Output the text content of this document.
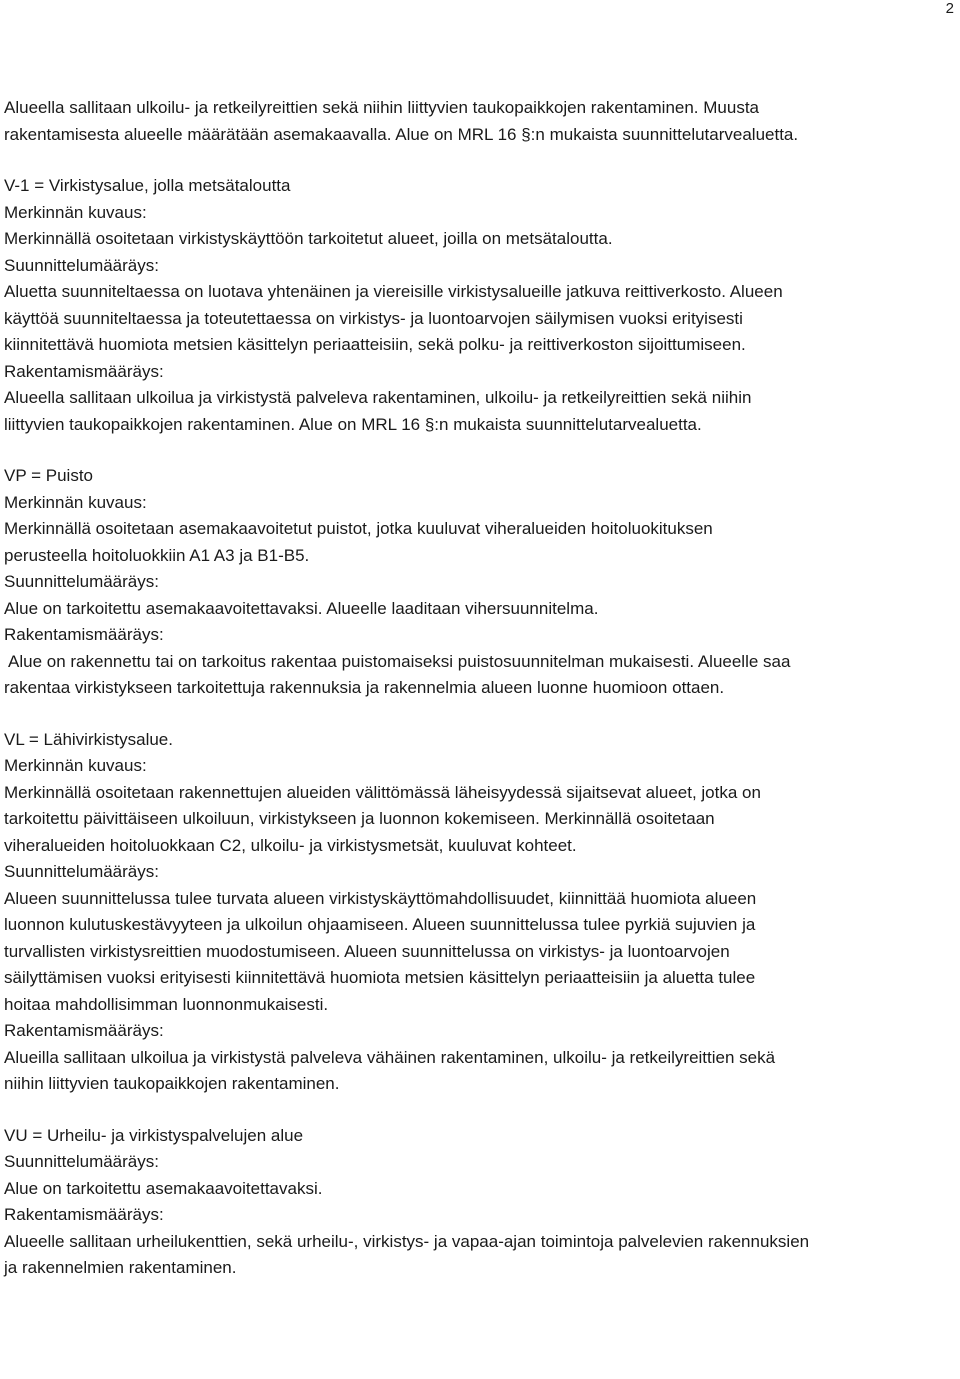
2

Alueella sallitaan ulkoilu- ja retkeilyreittien sekä niihin liittyvien taukopaikkojen rakentaminen. Muusta

rakentamisesta alueelle määrätään asemakaavalla. Alue on MRL 16 §:n mukaista suunnittelutarvealuetta.

V-1 = Virkistysalue, jolla metsätaloutta

Merkinnän kuvaus:

Merkinnällä osoitetaan virkistyskäyttöön tarkoitetut alueet, joilla on metsätaloutta.

Suunnittelumääräys:

Aluetta suunniteltaessa on luotava yhtenäinen ja viereisille virkistysalueille jatkuva reittiverkosto. Alueen

käyttöä suunniteltaessa ja toteutettaessa on virkistys- ja luontoarvojen säilymisen vuoksi erityisesti

kiinnitettävä huomiota metsien käsittelyn periaatteisiin, sekä polku- ja reittiverkoston sijoittumiseen.

Rakentamismääräys:

Alueella sallitaan ulkoilua ja virkistystä palveleva rakentaminen, ulkoilu- ja retkeilyreittien sekä niihin

liittyvien taukopaikkojen rakentaminen. Alue on MRL 16 §:n mukaista suunnittelutarvealuetta.

VP = Puisto

Merkinnän kuvaus:

Merkinnällä osoitetaan asemakaavoitetut puistot, jotka kuuluvat viheralueiden hoitoluokituksen

perusteella hoitoluokkiin A1 A3 ja B1-B5.

Suunnittelumääräys:

Alue on tarkoitettu asemakaavoitettavaksi. Alueelle laaditaan vihersuunnitelma.

Rakentamismääräys:

Alue on rakennettu tai on tarkoitus rakentaa puistomaiseksi puistosuunnitelman mukaisesti. Alueelle saa

rakentaa virkistykseen tarkoitettuja rakennuksia ja rakennelmia alueen luonne huomioon ottaen.

VL = Lähivirkistysalue.

Merkinnän kuvaus:

Merkinnällä osoitetaan rakennettujen alueiden välittömässä läheisyydessä sijaitsevat alueet, jotka on

tarkoitettu päivittäiseen ulkoiluun, virkistykseen ja luonnon kokemiseen. Merkinnällä osoitetaan

viheralueiden hoitoluokkaan C2, ulkoilu- ja virkistysmetsät, kuuluvat kohteet.

Suunnittelumääräys:

Alueen suunnittelussa tulee turvata alueen virkistyskäyttömahdollisuudet, kiinnittää huomiota alueen

luonnon kulutuskestävyyteen ja ulkoilun ohjaamiseen. Alueen suunnittelussa tulee pyrkiä sujuvien ja

turvallisten virkistysreittien muodostumiseen. Alueen suunnittelussa on virkistys- ja luontoarvojen

säilyttämisen vuoksi erityisesti kiinnitettävä huomiota metsien käsittelyn periaatteisiin ja aluetta tulee

hoitaa mahdollisimman luonnonmukaisesti.

Rakentamismääräys:

Alueilla sallitaan ulkoilua ja virkistystä palveleva vähäinen rakentaminen, ulkoilu- ja retkeilyreittien sekä

niihin liittyvien taukopaikkojen rakentaminen.

VU = Urheilu- ja virkistyspalvelujen alue

Suunnittelumääräys:

Alue on tarkoitettu asemakaavoitettavaksi.

Rakentamismääräys:

Alueelle sallitaan urheilukenttien, sekä urheilu-, virkistys- ja vapaa-ajan toimintoja palvelevien rakennuksien

ja rakennelmien rakentaminen.
